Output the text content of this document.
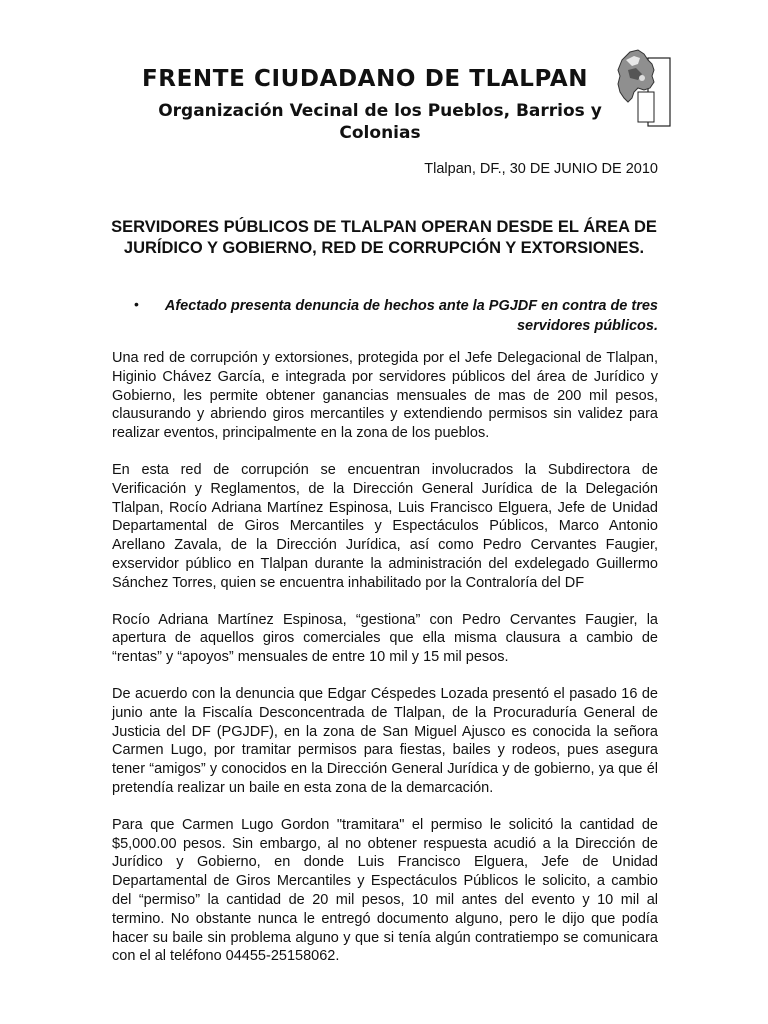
FRENTE CIUDADANO DE TLALPAN
Organización Vecinal de los Pueblos, Barrios y Colonias
Tlalpan, DF., 30 DE JUNIO DE 2010
SERVIDORES PÚBLICOS DE TLALPAN OPERAN DESDE EL ÁREA DE JURÍDICO Y GOBIERNO, RED DE CORRUPCIÓN Y EXTORSIONES.
•	Afectado presenta denuncia de hechos ante la PGJDF en contra de tres servidores públicos.

Una red de corrupción y extorsiones, protegida por el Jefe Delegacional de Tlalpan, Higinio Chávez García, e integrada por servidores públicos del área de Jurídico y Gobierno, les permite obtener ganancias mensuales de mas de 200 mil pesos, clausurando y abriendo giros mercantiles y extendiendo permisos sin validez para realizar eventos, principalmente en la zona de los pueblos.

En esta red de corrupción se encuentran involucrados la Subdirectora de Verificación y Reglamentos, de la Dirección General Jurídica de la Delegación Tlalpan, Rocío Adriana Martínez Espinosa, Luis Francisco Elguera, Jefe de Unidad Departamental de Giros Mercantiles y Espectáculos Públicos, Marco Antonio Arellano Zavala, de la Dirección Jurídica, así como Pedro Cervantes Faugier, exservidor público en Tlalpan durante la administración del exdelegado Guillermo Sánchez Torres, quien se encuentra inhabilitado por la Contraloría del DF

Rocío Adriana Martínez Espinosa, “gestiona” con Pedro Cervantes Faugier, la apertura de aquellos giros comerciales que ella misma clausura a cambio de “rentas” y “apoyos” mensuales de entre 10 mil y 15 mil pesos.

De acuerdo con la denuncia que Edgar Céspedes Lozada presentó el pasado 16 de junio ante la Fiscalía Desconcentrada de Tlalpan, de la Procuraduría General de Justicia del DF (PGJDF), en la zona de San Miguel Ajusco es conocida la señora Carmen Lugo, por tramitar permisos para fiestas, bailes y rodeos, pues asegura tener “amigos” y conocidos en la Dirección General Jurídica y de gobierno, ya que él pretendía realizar un baile en esta zona de la demarcación.

Para que Carmen Lugo Gordon "tramitara" el permiso le solicitó la cantidad de $5,000.00 pesos. Sin embargo, al no obtener respuesta acudió a la Dirección de Jurídico y Gobierno, en donde Luis Francisco Elguera, Jefe de Unidad Departamental de Giros Mercantiles y Espectáculos Públicos le solicito, a cambio del “permiso” la cantidad de 20 mil pesos, 10 mil antes del evento y 10 mil al termino. No obstante nunca le entregó documento alguno, pero le dijo que podía hacer su baile sin problema alguno y que si tenía algún contratiempo se comunicara con el al teléfono 04455-25158062.
